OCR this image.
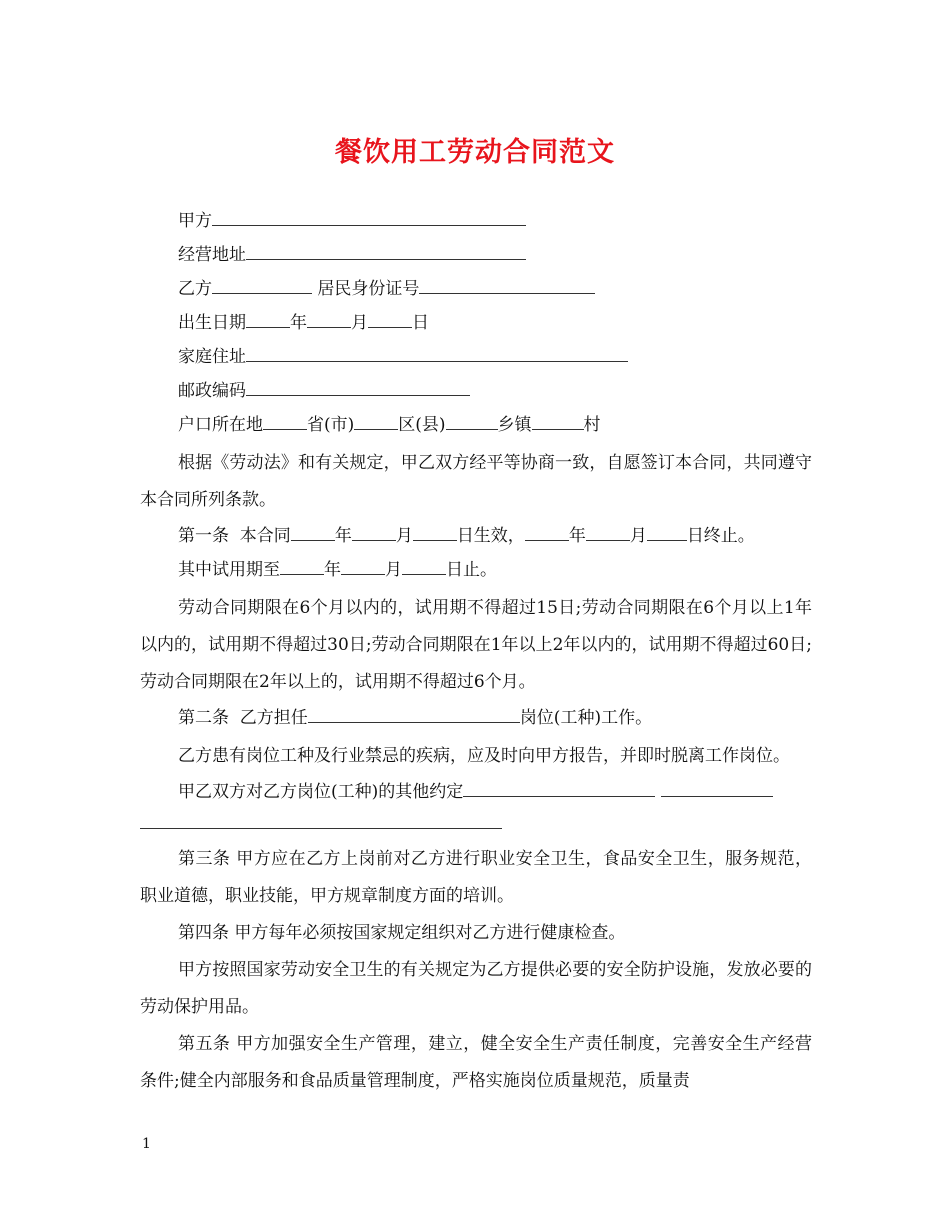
餐饮用工劳动合同范文
甲方
经营地址
乙方	居民身份证号
出生日期	年	月	日
家庭住址
邮政编码
户口所在地	省(市)	区(县)	乡镇	村
根据《劳动法》和有关规定，甲乙双方经平等协商一致，自愿签订本合同，共同遵守本合同所列条款。
第一条  本合同	年	月	日生效，	年	月 日终止。
其中试用期至	年	月	日止。
劳动合同期限在6个月以内的，试用期不得超过15日;劳动合同期限在6个月以上1年以内的，试用期不得超过30日;劳动合同期限在1年以上2年以内的，试用期不得超过60日;劳动合同期限在2年以上的，试用期不得超过6个月。
第二条  乙方担任	岗位(工种)工作。
乙方患有岗位工种及行业禁忌的疾病，应及时向甲方报告，并即时脱离工作岗位。
甲乙双方对乙方岗位(工种)的其他约定
第三条 甲方应在乙方上岗前对乙方进行职业安全卫生，食品安全卫生，服务规范，职业道德，职业技能，甲方规章制度方面的培训。
第四条 甲方每年必须按国家规定组织对乙方进行健康检查。
甲方按照国家劳动安全卫生的有关规定为乙方提供必要的安全防护设施，发放必要的劳动保护用品。
第五条 甲方加强安全生产管理，建立，健全安全生产责任制度，完善安全生产经营条件;健全内部服务和食品质量管理制度，严格实施岗位质量规范，质量责
1
